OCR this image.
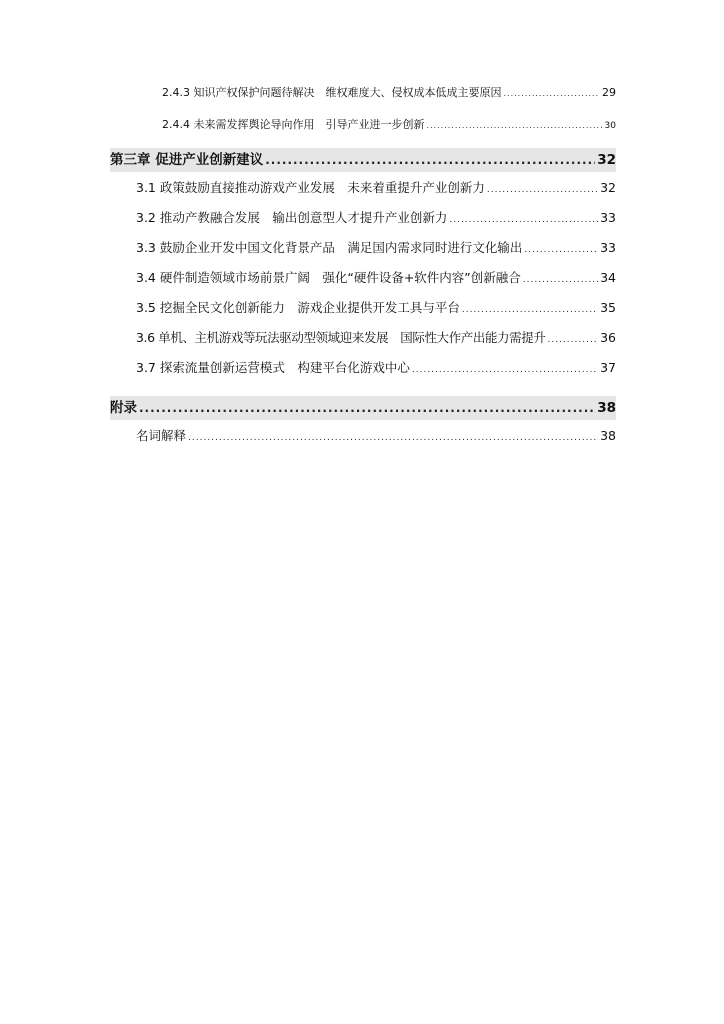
2.4.3 知识产权保护问题待解决　维权难度大、侵权成本低成主要原因 .....	29
2.4.4 未来需发挥舆论导向作用　引导产业进一步创新 .....	30
第三章 促进产业创新建议 .....	32
3.1 政策鼓励直接推动游戏产业发展　未来着重提升产业创新力 .....	32
3.2 推动产教融合发展　输出创意型人才提升产业创新力 .....	33
3.3 鼓励企业开发中国文化背景产品　满足国内需求同时进行文化输出 .....	33
3.4 硬件制造领域市场前景广阔　强化“硬件设备+软件内容”创新融合 .....	34
3.5 挖掘全民文化创新能力　游戏企业提供开发工具与平台 .....	35
3.6 单机、主机游戏等玩法驱动型领域迎来发展　国际性大作产出能力需提升 .....	36
3.7 探索流量创新运营模式　构建平台化游戏中心 .....	37
附录 .....	38
名词解释 .....	38
